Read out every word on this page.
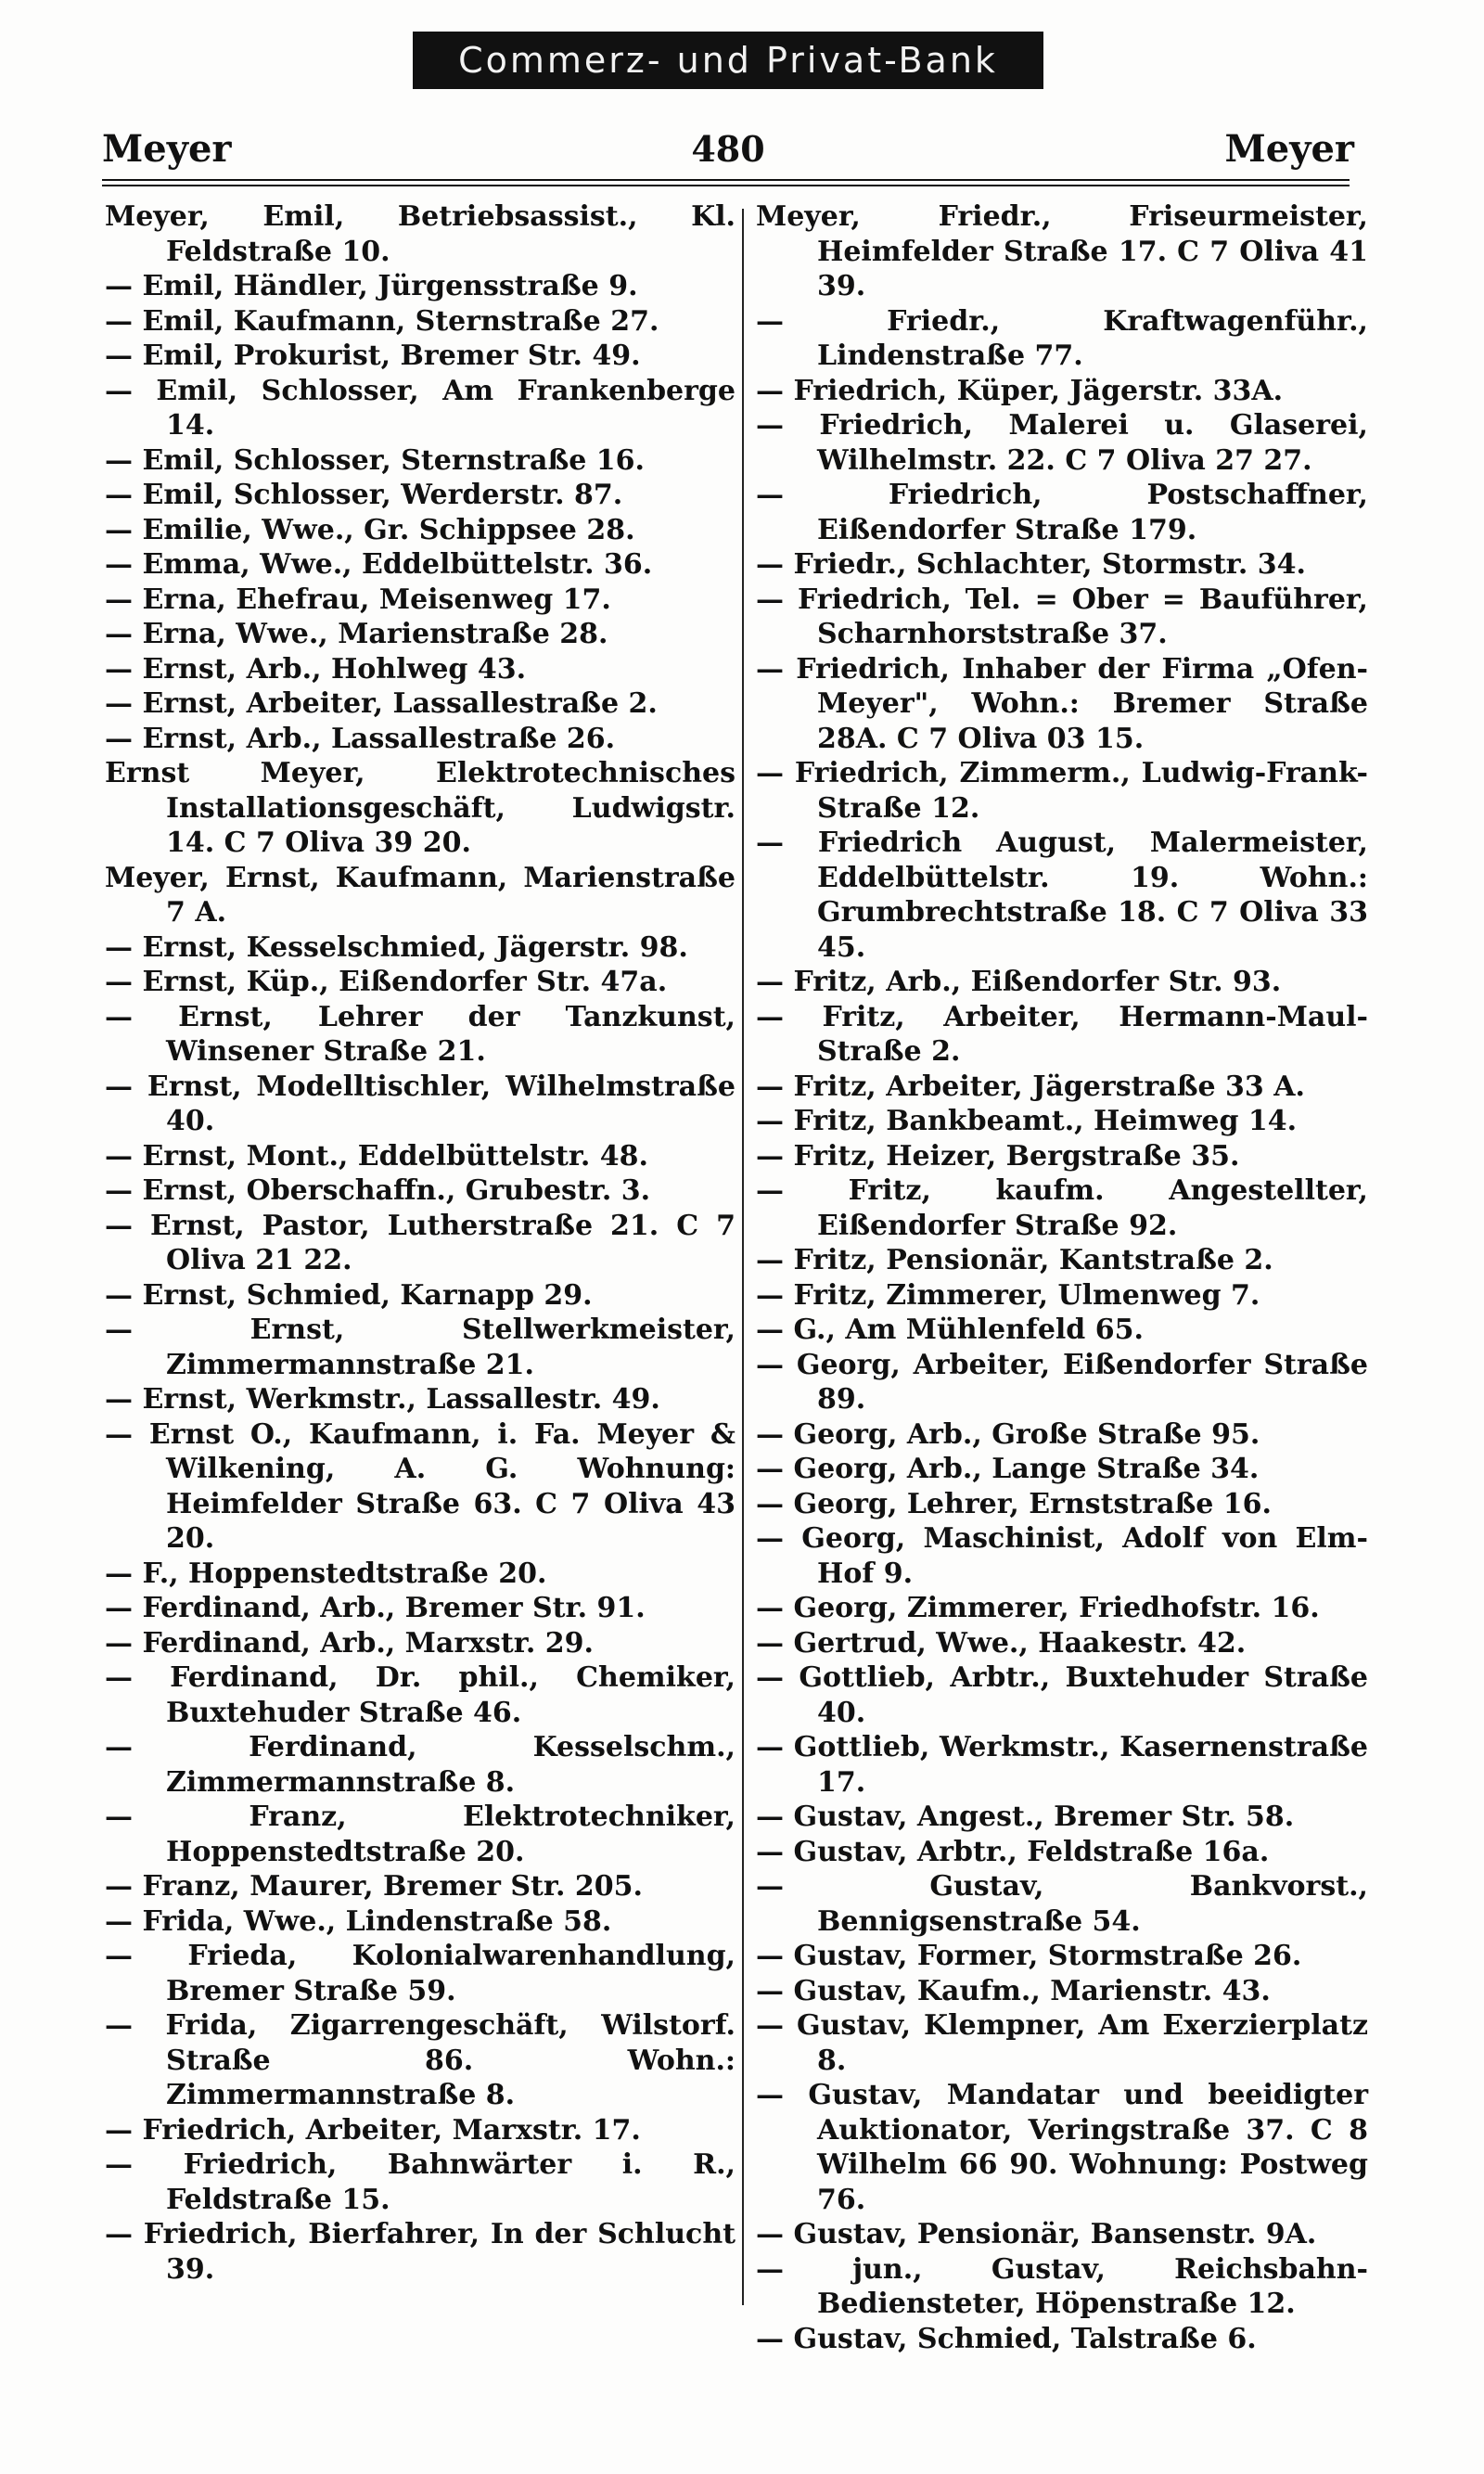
Commerz- und Privat-Bank
Meyer	480	Meyer

Meyer, Emil, Betriebsassist., Kl. Feldstraße 10.

— Emil, Händler, Jürgensstraße 9.

— Emil, Kaufmann, Sternstraße 27.

— Emil, Prokurist, Bremer Str. 49.

— Emil, Schlosser, Am Frankenberge 14.

— Emil, Schlosser, Sternstraße 16.

— Emil, Schlosser, Werderstr. 87.

— Emilie, Wwe., Gr. Schippsee 28.

— Emma, Wwe., Eddelbüttelstr. 36.

— Erna, Ehefrau, Meisenweg 17.

— Erna, Wwe., Marienstraße 28.

— Ernst, Arb., Hohlweg 43.

— Ernst, Arbeiter, Lassallestraße 2.

— Ernst, Arb., Lassallestraße 26.

Ernst Meyer, Elektrotechnisches Installationsgeschäft, Ludwigstr. 14. C 7 Oliva 39 20.

Meyer, Ernst, Kaufmann, Marienstraße 7 A.

— Ernst, Kesselschmied, Jägerstr. 98.

— Ernst, Küp., Eißendorfer Str. 47a.

— Ernst, Lehrer der Tanzkunst, Winsener Straße 21.

— Ernst, Modelltischler, Wilhelmstraße 40.

— Ernst, Mont., Eddelbüttelstr. 48.

— Ernst, Oberschaffn., Grubestr. 3.

— Ernst, Pastor, Lutherstraße 21. C 7 Oliva 21 22.

— Ernst, Schmied, Karnapp 29.

— Ernst, Stellwerkmeister, Zimmermannstraße 21.

— Ernst, Werkmstr., Lassallestr. 49.

— Ernst O., Kaufmann, i. Fa. Meyer & Wilkening, A. G. Wohnung: Heimfelder Straße 63. C 7 Oliva 43 20.

— F., Hoppenstedtstraße 20.

— Ferdinand, Arb., Bremer Str. 91.

— Ferdinand, Arb., Marxstr. 29.

— Ferdinand, Dr. phil., Chemiker, Buxtehuder Straße 46.

— Ferdinand, Kesselschm., Zimmermannstraße 8.

— Franz, Elektrotechniker, Hoppenstedtstraße 20.

— Franz, Maurer, Bremer Str. 205.

— Frida, Wwe., Lindenstraße 58.

— Frieda, Kolonialwarenhandlung, Bremer Straße 59.

— Frida, Zigarrengeschäft, Wilstorf. Straße 86. Wohn.: Zimmermannstraße 8.

— Friedrich, Arbeiter, Marxstr. 17.

— Friedrich, Bahnwärter i. R., Feldstraße 15.

— Friedrich, Bierfahrer, In der Schlucht 39.

Meyer, Friedr., Friseurmeister, Heimfelder Straße 17. C 7 Oliva 41 39.

— Friedr., Kraftwagenführ., Lindenstraße 77.

— Friedrich, Küper, Jägerstr. 33A.

— Friedrich, Malerei u. Glaserei, Wilhelmstr. 22. C 7 Oliva 27 27.

— Friedrich, Postschaffner, Eißendorfer Straße 179.

— Friedr., Schlachter, Stormstr. 34.

— Friedrich, Tel. = Ober = Bauführer, Scharnhorststraße 37.

— Friedrich, Inhaber der Firma „Ofen-Meyer", Wohn.: Bremer Straße 28A. C 7 Oliva 03 15.

— Friedrich, Zimmerm., Ludwig-Frank-Straße 12.

— Friedrich August, Malermeister, Eddelbüttelstr. 19. Wohn.: Grumbrechtstraße 18. C 7 Oliva 33 45.

— Fritz, Arb., Eißendorfer Str. 93.

— Fritz, Arbeiter, Hermann-Maul-Straße 2.

— Fritz, Arbeiter, Jägerstraße 33 A.

— Fritz, Bankbeamt., Heimweg 14.

— Fritz, Heizer, Bergstraße 35.

— Fritz, kaufm. Angestellter, Eißendorfer Straße 92.

— Fritz, Pensionär, Kantstraße 2.

— Fritz, Zimmerer, Ulmenweg 7.

— G., Am Mühlenfeld 65.

— Georg, Arbeiter, Eißendorfer Straße 89.

— Georg, Arb., Große Straße 95.

— Georg, Arb., Lange Straße 34.

— Georg, Lehrer, Ernststraße 16.

— Georg, Maschinist, Adolf von Elm-Hof 9.

— Georg, Zimmerer, Friedhofstr. 16.

— Gertrud, Wwe., Haakestr. 42.

— Gottlieb, Arbtr., Buxtehuder Straße 40.

— Gottlieb, Werkmstr., Kasernenstraße 17.

— Gustav, Angest., Bremer Str. 58.

— Gustav, Arbtr., Feldstraße 16a.

— Gustav, Bankvorst., Bennigsenstraße 54.

— Gustav, Former, Stormstraße 26.

— Gustav, Kaufm., Marienstr. 43.

— Gustav, Klempner, Am Exerzierplatz 8.

— Gustav, Mandatar und beeidigter Auktionator, Veringstraße 37. C 8 Wilhelm 66 90. Wohnung: Postweg 76.

— Gustav, Pensionär, Bansenstr. 9A.

— jun., Gustav, Reichsbahn-Bediensteter, Höpenstraße 12.

— Gustav, Schmied, Talstraße 6.
